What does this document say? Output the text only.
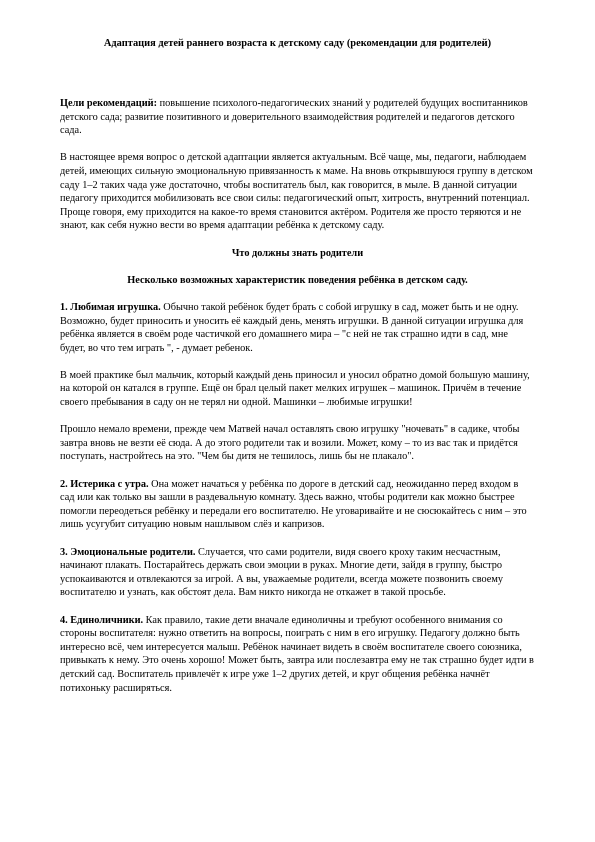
Адаптация детей раннего возраста к детскому саду (рекомендации для родителей)

Цели рекомендаций: повышение психолого-педагогических знаний у родителей будущих воспитанников детского сада; развитие позитивного и доверительного взаимодействия родителей и педагогов детского сада.

В настоящее время вопрос о детской адаптации является актуальным. Всё чаще, мы, педагоги, наблюдаем детей, имеющих сильную эмоциональную привязанность к маме. На вновь открывшуюся группу в детском саду 1–2 таких чада уже достаточно, чтобы воспитатель был, как говорится, в мыле. В данной ситуации педагогу приходится мобилизовать все свои силы: педагогический опыт, хитрость, внутренний потенциал. Проще говоря, ему приходится на какое-то время становится актёром. Родителя же просто теряются и не знают, как себя нужно вести во время адаптации ребёнка к детскому саду.

Что должны знать родители

Несколько возможных характеристик поведения ребёнка в детском саду.

1. Любимая игрушка. Обычно такой ребёнок будет брать с собой игрушку в сад, может быть и не одну. Возможно, будет приносить и уносить её каждый день, менять игрушки. В данной ситуации игрушка для ребёнка является в своём роде частичкой его домашнего мира – "с ней не так страшно идти в сад, мне будет, во что тем играть ", - думает ребенок.

В моей практике был мальчик, который каждый день приносил и уносил обратно домой большую машину, на которой он катался в группе. Ещё он брал целый пакет мелких игрушек – машинок. Причём в течение своего пребывания в саду он не терял ни одной. Машинки – любимые игрушки!

Прошло немало времени, прежде чем Матвей начал оставлять свою игрушку "ночевать" в садике, чтобы завтра вновь не везти её сюда. А до этого родители так и возили. Может, кому – то из вас так и придётся поступать, настройтесь на это. "Чем бы дитя не тешилось, лишь бы не плакало".

2. Истерика с утра. Она может начаться у ребёнка по дороге в детский сад, неожиданно перед входом в сад или как только вы зашли в раздевальную комнату. Здесь важно, чтобы родители как можно быстрее помогли переодеться ребёнку и передали его воспитателю. Не уговаривайте и не сюсюкайтесь с ним – это лишь усугубит ситуацию новым нашлывом слёз и капризов.

3. Эмоциональные родители. Случается, что сами родители, видя своего кроху таким несчастным, начинают плакать. Постарайтесь держать свои эмоции в руках. Многие дети, зайдя в группу, быстро успокаиваются и отвлекаются за игрой. А вы, уважаемые родители, всегда можете позвонить своему воспитателю и узнать, как обстоят дела. Вам никто никогда не откажет в такой просьбе.

4. Единоличники. Как правило, такие дети вначале единоличны и требуют особенного внимания со стороны воспитателя: нужно ответить на вопросы, поиграть с ним в его игрушку. Педагогу должно быть интересно всё, чем интересуется малыш. Ребёнок начинает видеть в своём воспитателе своего союзника, привыкать к нему. Это очень хорошо! Может быть, завтра или послезавтра ему не так страшно будет идти в детский сад. Воспитатель привлечёт к игре уже 1–2 других детей, и круг общения ребёнка начнёт потихоньку расширяться.
